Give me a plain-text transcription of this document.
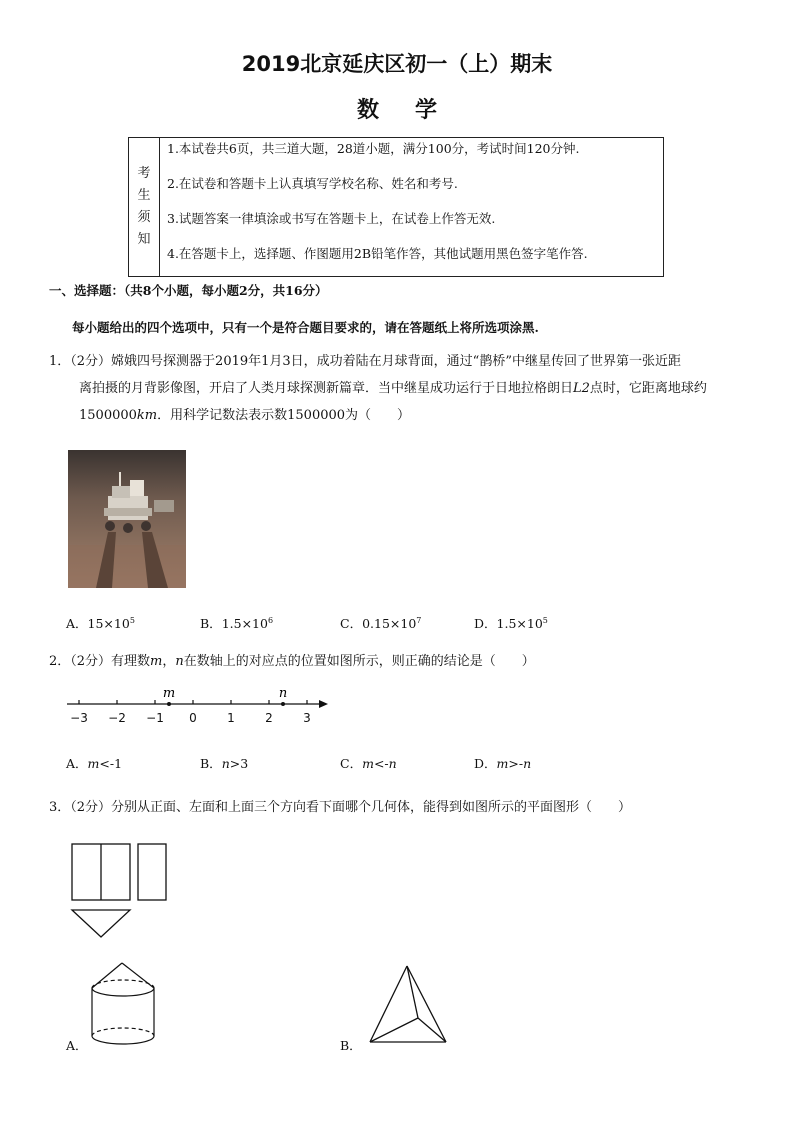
2019北京延庆区初一（上）期末
数学
考
生
须
知
1.本试卷共6页，共三道大题，28道小题，满分100分，考试时间120分钟.
2.在试卷和答题卡上认真填写学校名称、姓名和考号.
3.试题答案一律填涂或书写在答题卡上，在试卷上作答无效.
4.在答题卡上，选择题、作图题用2B铅笔作答，其他试题用黑色签字笔作答.
一、选择题：（共8个小题，每小题2分，共16分）
每小题给出的四个选项中，只有一个是符合题目要求的，请在答题纸上将所选项涂黑.
1．（2分）嫦娥四号探测器于2019年1月3日，成功着陆在月球背面，通过“鹊桥”中继星传回了世界第一张近距
离拍摄的月背影像图，开启了人类月球探测新篇章．当中继星成功运行于日地拉格朗日L2点时，它距离地球约
1500000km．用科学记数法表示数1500000为（　　）
A．$15\times 10^5$	B．$1.5\times 10^6$	C．$0.15\times 10^7$	D．$1.5\times 10^5$
2．（2分）有理数m，n在数轴上的对应点的位置如图所示，则正确的结论是（　　）
−3 −2 −1 0	1	2	3
m	n
A．m<-1	B．n>3	C．m<-n	D．m>-n
3．（2分）分别从正面、左面和上面三个方向看下面哪个几何体，能得到如图所示的平面图形（　　）
A．	B．
